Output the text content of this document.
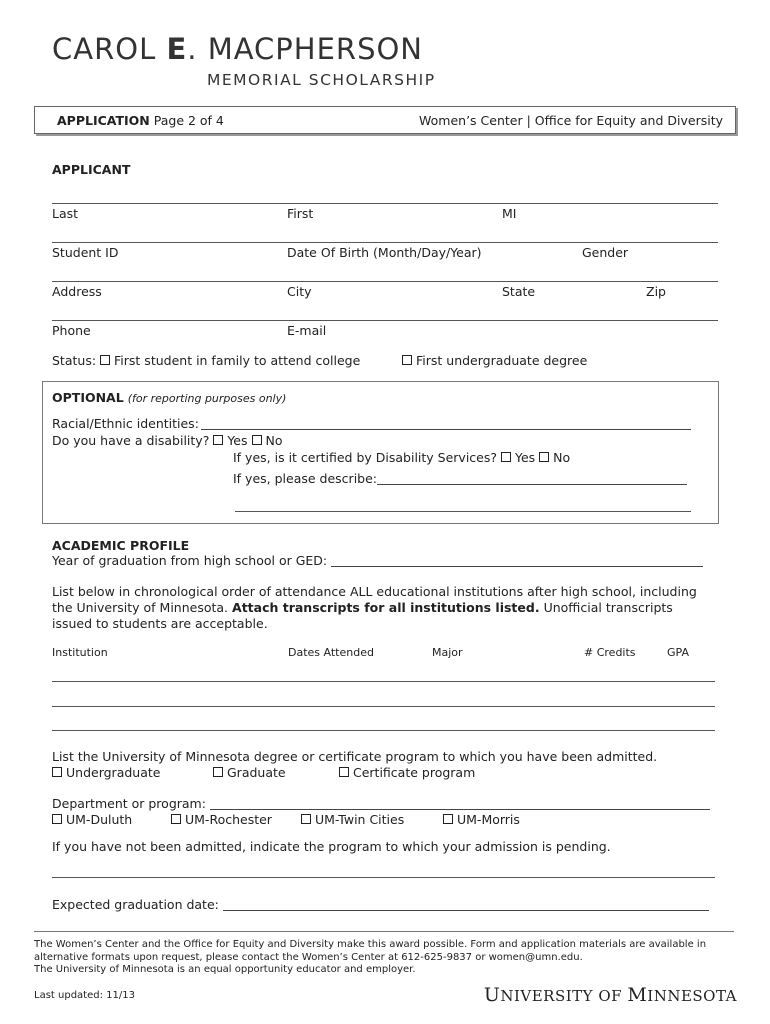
CAROL E. MACPHERSON
MEMORIAL SCHOLARSHIP
APPLICATION Page 2 of 4	Women’s Center | Office for Equity and Diversity
APPLICANT
Last	First	MI
Student ID	Date Of Birth (Month/Day/Year)	Gender
Address	City	State	Zip
Phone	E-mail
Status: First student in family to attend college	First undergraduate degree
OPTIONAL (for reporting purposes only)
Racial/Ethnic identities:
Do you have a disability? Yes No
If yes, is it certified by Disability Services? Yes No
If yes, please describe:
ACADEMIC PROFILE
Year of graduation from high school or GED:
List below in chronological order of attendance ALL educational institutions after high school, including
the University of Minnesota. Attach transcripts for all institutions listed. Unofficial transcripts
issued to students are acceptable.
Institution	Dates Attended	Major	# Credits	GPA
List the University of Minnesota degree or certificate program to which you have been admitted.
Undergraduate	Graduate	Certificate program
Department or program:
UM-Duluth	UM-Rochester	UM-Twin Cities	UM-Morris
If you have not been admitted, indicate the program to which your admission is pending.
Expected graduation date:
The Women’s Center and the Office for Equity and Diversity make this award possible. Form and application materials are available in
alternative formats upon request, please contact the Women’s Center at 612-625-9837 or women@umn.edu.
The University of Minnesota is an equal opportunity educator and employer.
Last updated: 11/13	UNIVERSITY OF MINNESOTA
